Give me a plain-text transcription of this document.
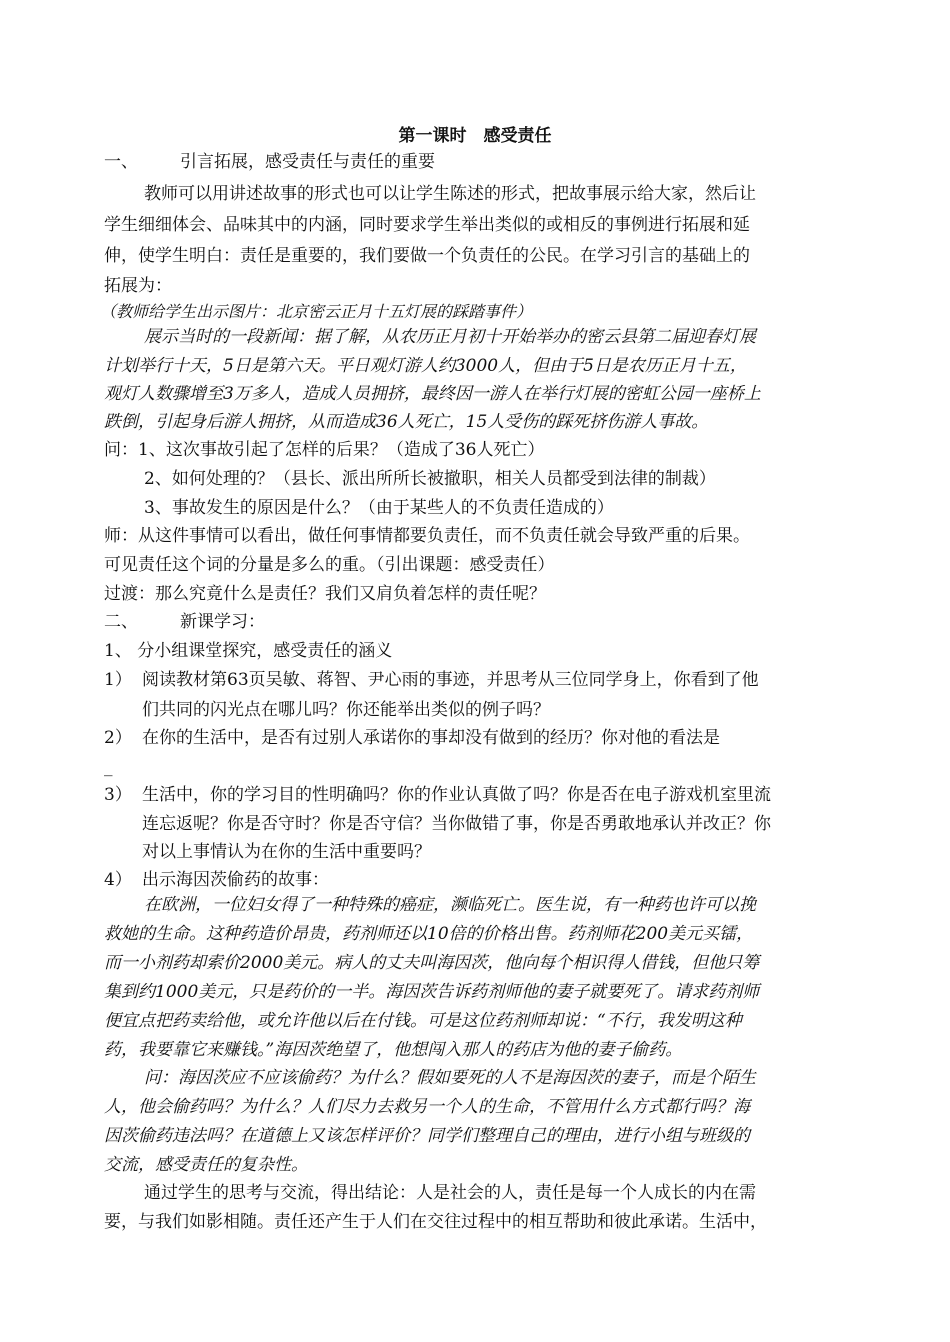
第一课时　感受责任
一、 引言拓展，感受责任与责任的重要
教师可以用讲述故事的形式也可以让学生陈述的形式，把故事展示给大家，然后让
学生细细体会、品味其中的内涵，同时要求学生举出类似的或相反的事例进行拓展和延
伸，使学生明白：责任是重要的，我们要做一个负责任的公民。在学习引言的基础上的
拓展为：
（教师给学生出示图片：北京密云正月十五灯展的踩踏事件）
展示当时的一段新闻：据了解，从农历正月初十开始举办的密云县第二届迎春灯展
计划举行十天，5日是第六天。平日观灯游人约3000人，但由于5日是农历正月十五，
观灯人数骤增至3万多人，造成人员拥挤，最终因一游人在举行灯展的密虹公园一座桥上
跌倒，引起身后游人拥挤，从而造成36人死亡，15人受伤的踩死挤伤游人事故。
问：1、这次事故引起了怎样的后果？（造成了36人死亡）
2、如何处理的？（县长、派出所所长被撤职，相关人员都受到法律的制裁）
3、事故发生的原因是什么？（由于某些人的不负责任造成的）
师：从这件事情可以看出，做任何事情都要负责任，而不负责任就会导致严重的后果。
可见责任这个词的分量是多么的重。（引出课题：感受责任）
过渡：那么究竟什么是责任？我们又肩负着怎样的责任呢？
二、 新课学习：
1、 分小组课堂探究，感受责任的涵义
1） 阅读教材第63页吴敏、蒋智、尹心雨的事迹，并思考从三位同学身上，你看到了他
们共同的闪光点在哪儿吗？你还能举出类似的例子吗？
2） 在你的生活中，是否有过别人承诺你的事却没有做到的经历？你对他的看法是
_
3） 生活中，你的学习目的性明确吗？你的作业认真做了吗？你是否在电子游戏机室里流
连忘返呢？你是否守时？你是否守信？当你做错了事，你是否勇敢地承认并改正？你
对以上事情认为在你的生活中重要吗？
4） 出示海因茨偷药的故事：
在欧洲，一位妇女得了一种特殊的癌症，濒临死亡。医生说，有一种药也许可以挽
救她的生命。这种药造价昂贵，药剂师还以10倍的价格出售。药剂师花200美元买镭，
而一小剂药却索价2000美元。病人的丈夫叫海因茨，他向每个相识得人借钱，但他只筹
集到约1000美元，只是药价的一半。海因茨告诉药剂师他的妻子就要死了。请求药剂师
便宜点把药卖给他，或允许他以后在付钱。可是这位药剂师却说：“不行，我发明这种
药，我要靠它来赚钱。”海因茨绝望了，他想闯入那人的药店为他的妻子偷药。
问：海因茨应不应该偷药？为什么？假如要死的人不是海因茨的妻子，而是个陌生
人，他会偷药吗？为什么？人们尽力去救另一个人的生命，不管用什么方式都行吗？海
因茨偷药违法吗？在道德上又该怎样评价？同学们整理自己的理由，进行小组与班级的
交流，感受责任的复杂性。
通过学生的思考与交流，得出结论：人是社会的人，责任是每一个人成长的内在需
要，与我们如影相随。责任还产生于人们在交往过程中的相互帮助和彼此承诺。生活中，
